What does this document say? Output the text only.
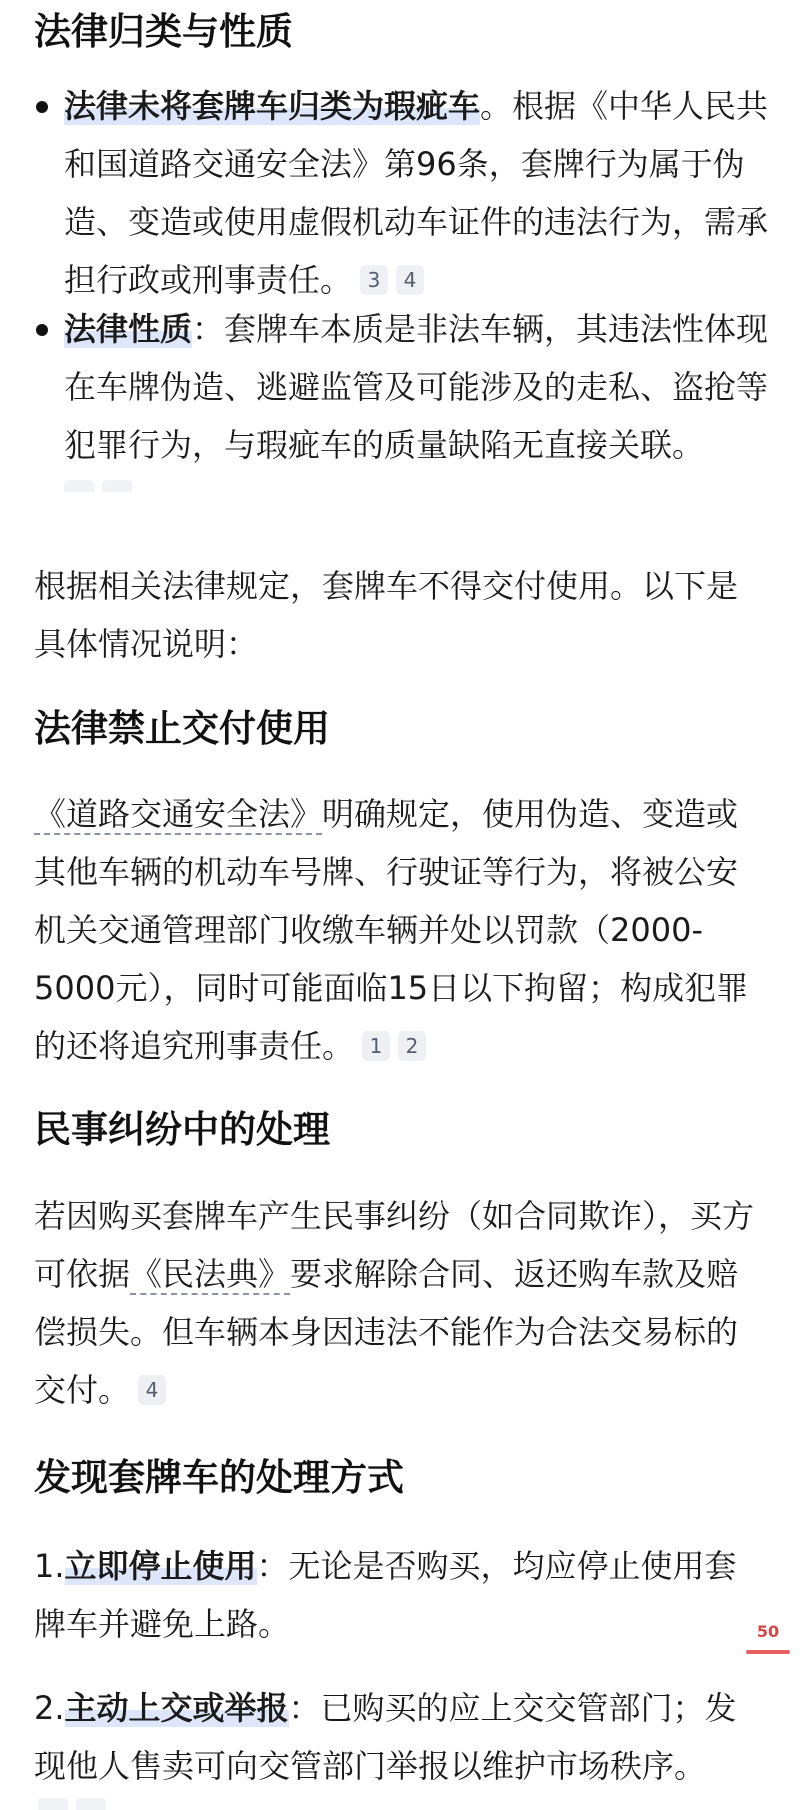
法律归类与性质

法律未将套牌车归类为瑕疵车。根据《中华人民共和国道路交通安全法》第96条，套牌行为属于伪造、变造或使用虚假机动车证件的违法行为，需承担行政或刑事责任。 3 4

法律性质：套牌车本质是非法车辆，其违法性体现在车牌伪造、逃避监管及可能涉及的走私、盗抢等犯罪行为，与瑕疵车的质量缺陷无直接关联。

根据相关法律规定，套牌车不得交付使用。以下是具体情况说明：

法律禁止交付使用

《道路交通安全法》明确规定，使用伪造、变造或其他车辆的机动车号牌、行驶证等行为，将被公安机关交通管理部门收缴车辆并处以罚款（2000-5000元），同时可能面临15日以下拘留；构成犯罪的还将追究刑事责任。 1 2

民事纠纷中的处理

若因购买套牌车产生民事纠纷（如合同欺诈），买方可依据《民法典》要求解除合同、返还购车款及赔偿损失。但车辆本身因违法不能作为合法交易标的交付。 4

发现套牌车的处理方式

1.立即停止使用：无论是否购买，均应停止使用套牌车并避免上路。

2.主动上交或举报：已购买的应上交交管部门；发现他人售卖可向交管部门举报以维护市场秩序。

50
